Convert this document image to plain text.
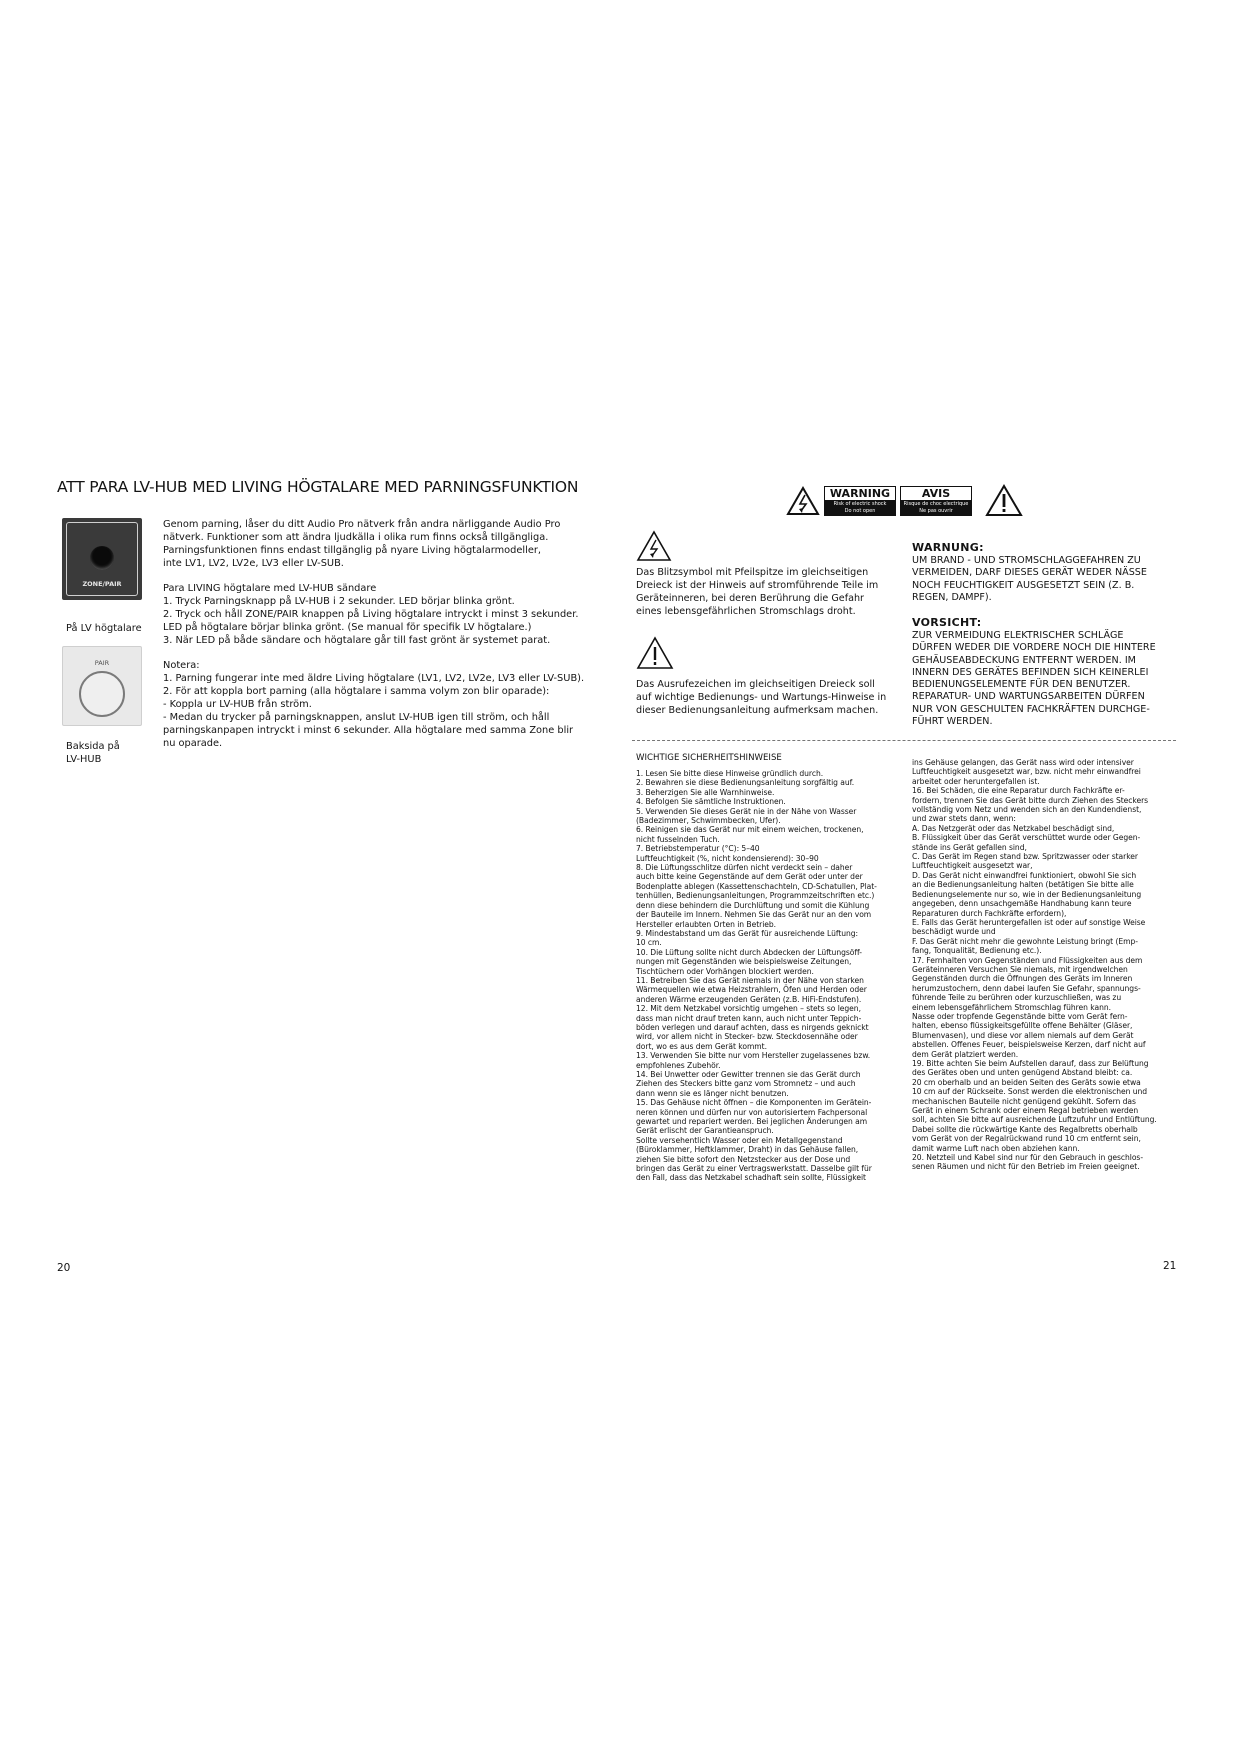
ATT PARA LV-HUB MED LIVING HÖGTALARE MED PARNINGSFUNKTION
ZONE/PAIR
På LV högtalare
PAIR
Baksida på
LV-HUB

Genom parning, låser du ditt Audio Pro nätverk från andra närliggande Audio Pro

nätverk. Funktioner som att ändra ljudkälla i olika rum finns också tillgängliga.

Parningsfunktionen finns endast tillgänglig på nyare Living högtalarmodeller,

inte LV1, LV2, LV2e, LV3 eller LV-SUB.

Para LIVING högtalare med LV-HUB sändare

1. Tryck Parningsknapp på LV-HUB i 2 sekunder. LED börjar blinka grönt.

2. Tryck och håll ZONE/PAIR knappen på Living högtalare intryckt i minst 3 sekunder.

LED på högtalare börjar blinka grönt. (Se manual för specifik LV högtalare.)

3. När LED på både sändare och högtalare går till fast grönt är systemet parat.

Notera:

1. Parning fungerar inte med äldre Living högtalare (LV1, LV2, LV2e, LV3 eller LV-SUB).

2. För att koppla bort parning (alla högtalare i samma volym zon blir oparade):

- Koppla ur LV-HUB från ström.

- Medan du trycker på parningsknappen, anslut LV-HUB igen till ström, och håll

parningskanpapen intryckt i minst 6 sekunder. Alla högtalare med samma Zone blir

nu oparade.

20
WARNING
Risk of electric shock
Do not open
AVIS
Risque de choc electrique
Ne pas ouvrir

Das Blitzsymbol mit Pfeilspitze im gleichseitigen

Dreieck ist der Hinweis auf stromführende Teile im

Geräteinneren, bei deren Berührung die Gefahr

eines lebensgefährlichen Stromschlags droht.

Das Ausrufezeichen im gleichseitigen Dreieck soll

auf wichtige Bedienungs- und Wartungs-Hinweise in

dieser Bedienungsanleitung aufmerksam machen.

WARNUNG:

UM BRAND - UND STROMSCHLAGGEFAHREN ZU

VERMEIDEN, DARF DIESES GERÄT WEDER NÄSSE

NOCH FEUCHTIGKEIT AUSGESETZT SEIN (Z. B.

REGEN, DAMPF).

VORSICHT:

ZUR VERMEIDUNG ELEKTRISCHER SCHLÄGE

DÜRFEN WEDER DIE VORDERE NOCH DIE HINTERE

GEHÄUSEABDECKUNG ENTFERNT WERDEN. IM

INNERN DES GERÄTES BEFINDEN SICH KEINERLEI

BEDIENUNGSELEMENTE FÜR DEN BENUTZER.

REPARATUR- UND WARTUNGSARBEITEN DÜRFEN

NUR VON GESCHULTEN FACHKRÄFTEN DURCHGE-

FÜHRT WERDEN.

WICHTIGE SICHERHEITSHINWEISE

1. Lesen Sie bitte diese Hinweise gründlich durch.

2. Bewahren sie diese Bedienungsanleitung sorgfältig auf.

3. Beherzigen Sie alle Warnhinweise.

4. Befolgen Sie sämtliche Instruktionen.

5. Verwenden Sie dieses Gerät nie in der Nähe von Wasser

(Badezimmer, Schwimmbecken, Ufer).

6. Reinigen sie das Gerät nur mit einem weichen, trockenen,

nicht fusselnden Tuch.

7. Betriebstemperatur (°C): 5–40

Luftfeuchtigkeit (%, nicht kondensierend): 30–90

8. Die Lüftungsschlitze dürfen nicht verdeckt sein – daher

auch bitte keine Gegenstände auf dem Gerät oder unter der

Bodenplatte ablegen (Kassettenschachteln, CD-Schatullen, Plat-

tenhüllen, Bedienungsanleitungen, Programmzeitschriften etc.)

denn diese behindern die Durchlüftung und somit die Kühlung

der Bauteile im Innern. Nehmen Sie das Gerät nur an den vom

Hersteller erlaubten Orten in Betrieb.

9. Mindestabstand um das Gerät für ausreichende Lüftung:

10 cm.

10. Die Lüftung sollte nicht durch Abdecken der Lüftungsöff-

nungen mit Gegenständen wie beispielsweise Zeitungen,

Tischtüchern oder Vorhängen blockiert werden.

11. Betreiben Sie das Gerät niemals in der Nähe von starken

Wärmequellen wie etwa Heizstrahlern, Öfen und Herden oder

anderen Wärme erzeugenden Geräten (z.B. HiFi-Endstufen).

12. Mit dem Netzkabel vorsichtig umgehen – stets so legen,

dass man nicht drauf treten kann, auch nicht unter Teppich-

böden verlegen und darauf achten, dass es nirgends geknickt

wird, vor allem nicht in Stecker- bzw. Steckdosennähe oder

dort, wo es aus dem Gerät kommt.

13. Verwenden Sie bitte nur vom Hersteller zugelassenes bzw.

empfohlenes Zubehör.

14. Bei Unwetter oder Gewitter trennen sie das Gerät durch

Ziehen des Steckers bitte ganz vom Stromnetz – und auch

dann wenn sie es länger nicht benutzen.

15. Das Gehäuse nicht öffnen – die Komponenten im Gerätein-

neren können und dürfen nur von autorisiertem Fachpersonal

gewartet und repariert werden. Bei jeglichen Änderungen am

Gerät erlischt der Garantieanspruch.

Sollte versehentlich Wasser oder ein Metallgegenstand

(Büroklammer, Heftklammer, Draht) in das Gehäuse fallen,

ziehen Sie bitte sofort den Netzstecker aus der Dose und

bringen das Gerät zu einer Vertragswerkstatt. Dasselbe gilt für

den Fall, dass das Netzkabel schadhaft sein sollte, Flüssigkeit

ins Gehäuse gelangen, das Gerät nass wird oder intensiver

Luftfeuchtigkeit ausgesetzt war, bzw. nicht mehr einwandfrei

arbeitet oder heruntergefallen ist.

16. Bei Schäden, die eine Reparatur durch Fachkräfte er-

fordern, trennen Sie das Gerät bitte durch Ziehen des Steckers

vollständig vom Netz und wenden sich an den Kundendienst,

und zwar stets dann, wenn:

A. Das Netzgerät oder das Netzkabel beschädigt sind,

B. Flüssigkeit über das Gerät verschüttet wurde oder Gegen-

stände ins Gerät gefallen sind,

C. Das Gerät im Regen stand bzw. Spritzwasser oder starker

Luftfeuchtigkeit ausgesetzt war,

D. Das Gerät nicht einwandfrei funktioniert, obwohl Sie sich

an die Bedienungsanleitung halten (betätigen Sie bitte alle

Bedienungselemente nur so, wie in der Bedienungsanleitung

angegeben, denn unsachgemäße Handhabung kann teure

Reparaturen durch Fachkräfte erfordern),

E. Falls das Gerät heruntergefallen ist oder auf sonstige Weise

beschädigt wurde und

F. Das Gerät nicht mehr die gewohnte Leistung bringt (Emp-

fang, Tonqualität, Bedienung etc.).

17. Fernhalten von Gegenständen und Flüssigkeiten aus dem

Geräteinneren Versuchen Sie niemals, mit irgendwelchen

Gegenständen durch die Öffnungen des Geräts im Inneren

herumzustochern, denn dabei laufen Sie Gefahr, spannungs-

führende Teile zu berühren oder kurzuschließen, was zu

einem lebensgefährlichem Stromschlag führen kann.

Nasse oder tropfende Gegenstände bitte vom Gerät fern-

halten, ebenso flüssigkeitsgefüllte offene Behälter (Gläser,

Blumenvasen), und diese vor allem niemals auf dem Gerät

abstellen. Offenes Feuer, beispielsweise Kerzen, darf nicht auf

dem Gerät platziert werden.

19. Bitte achten Sie beim Aufstellen darauf, dass zur Belüftung

des Gerätes oben und unten genügend Abstand bleibt: ca.

20 cm oberhalb und an beiden Seiten des Geräts sowie etwa

10 cm auf der Rückseite. Sonst werden die elektronischen und

mechanischen Bauteile nicht genügend gekühlt. Sofern das

Gerät in einem Schrank oder einem Regal betrieben werden

soll, achten Sie bitte auf ausreichende Luftzufuhr und Entlüftung.

Dabei sollte die rückwärtige Kante des Regalbretts oberhalb

vom Gerät von der Regalrückwand rund 10 cm entfernt sein,

damit warme Luft nach oben abziehen kann.

20. Netzteil und Kabel sind nur für den Gebrauch in geschlos-

senen Räumen und nicht für den Betrieb im Freien geeignet.

21
